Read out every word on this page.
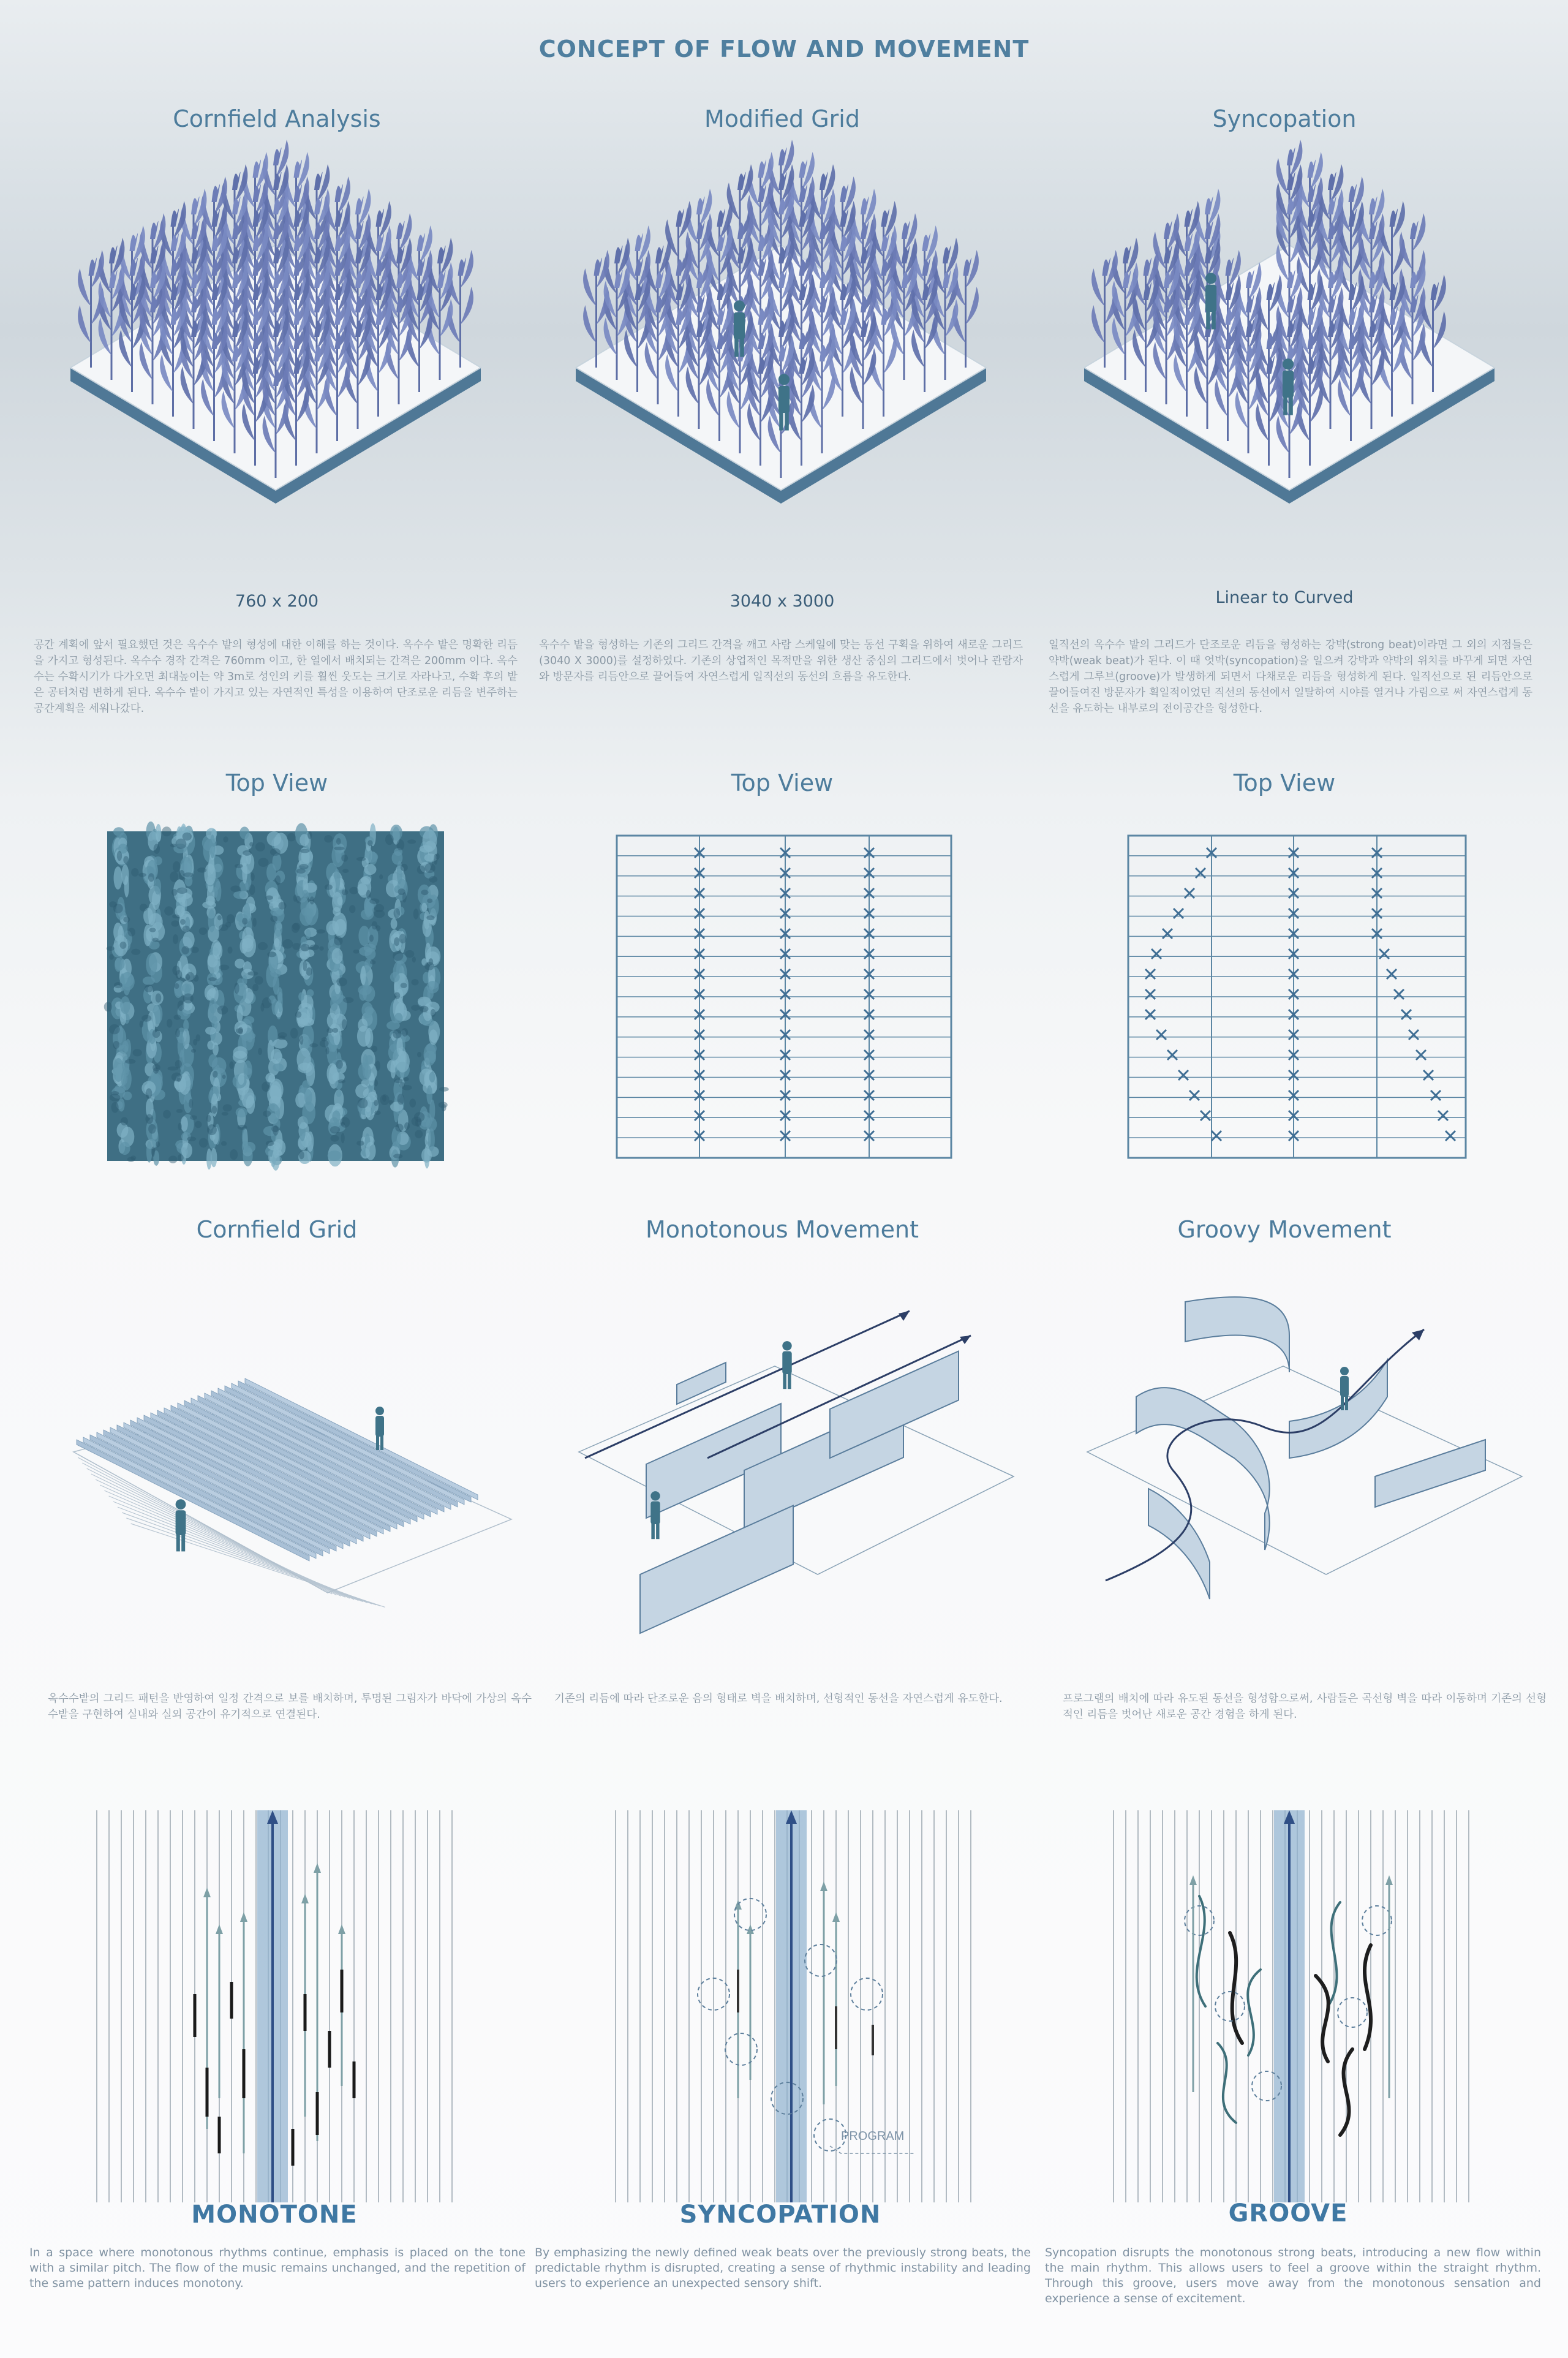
CONCEPT OF FLOW AND MOVEMENT
Cornfield Analysis	Modified Grid	Syncopation
760 x 200	3040 x 3000	Linear to Curved
공간 계획에 앞서 필요했던 것은 옥수수 밭의 형성에 대한 이해를 하는 것이다. 옥수수 밭은 명확한 리듬을 가지고 형성된다. 옥수수 경작 간격은 760mm 이고, 한 열에서 배치되는 간격은 200mm 이다. 옥수수는 수확시기가 다가오면 최대높이는 약 3m로 성인의 키를 훨씬 웃도는 크기로 자라나고, 수확 후의 밭은 공터처럼 변하게 된다. 옥수수 밭이 가지고 있는 자연적인 특성을 이용하여 단조로운 리듬을 변주하는 공간계획을 세워나갔다.
옥수수 밭을 형성하는 기존의 그리드 간격을 깨고 사람 스케일에 맞는 동선 구획을 위하여 새로운 그리드 (3040 X 3000)를 설정하였다. 기존의 상업적인 목적만을 위한 생산 중심의 그리드에서 벗어나 관람자와 방문자를 리듬안으로 끌어들여 자연스럽게 일직선의 동선의 흐름을 유도한다.
일직선의 옥수수 밭의 그리드가 단조로운 리듬을 형성하는 강박(strong beat)이라면 그 외의 지점들은 약박(weak beat)가 된다. 이 때 엇박(syncopation)을 일으켜 강박과 약박의 위치를 바꾸게 되면 자연스럽게 그루브(groove)가 발생하게 되면서 다채로운 리듬을 형성하게 된다. 일직선으로 된 리듬안으로 끌어들여진 방문자가 획일적이었던 직선의 동선에서 일탈하여 시야를 열거나 가림으로 써 자연스럽게 동선을 유도하는 내부로의 전이공간을 형성한다.
Top View	Top View	Top View
Cornfield Grid	Monotonous Movement	Groovy Movement
옥수수밭의 그리드 패턴을 반영하여 일정 간격으로 보를 배치하며, 투명된 그림자가 바닥에 가상의 옥수수밭을 구현하여 실내와 실외 공간이 유기적으로 연결된다.
기존의 리듬에 따라 단조로운 음의 형태로 벽을 배치하며, 선형적인 동선을 자연스럽게 유도한다.	프로그램의 배치에 따라 유도된 동선을 형성함으로써, 사람들은 곡선형 벽을 따라 이동하며 기존의 선형적인 리듬을 벗어난 새로운 공간 경험을 하게 된다.
PROGRAM
MONOTONE	SYNCOPATION	GROOVE
In a space where monotonous rhythms continue, emphasis is placed on the tone with a similar pitch. The flow of the music remains unchanged, and the repetition of the same pattern induces monotony.
By emphasizing the newly defined weak beats over the previously strong beats, the predictable rhythm is disrupted, creating a sense of rhythmic instability and leading users to experience an unexpected sensory shift.
Syncopation disrupts the monotonous strong beats, introducing a new flow within the main rhythm. This allows users to feel a groove within the straight rhythm. Through this groove, users move away from the monotonous sensation and experience a sense of excitement.
